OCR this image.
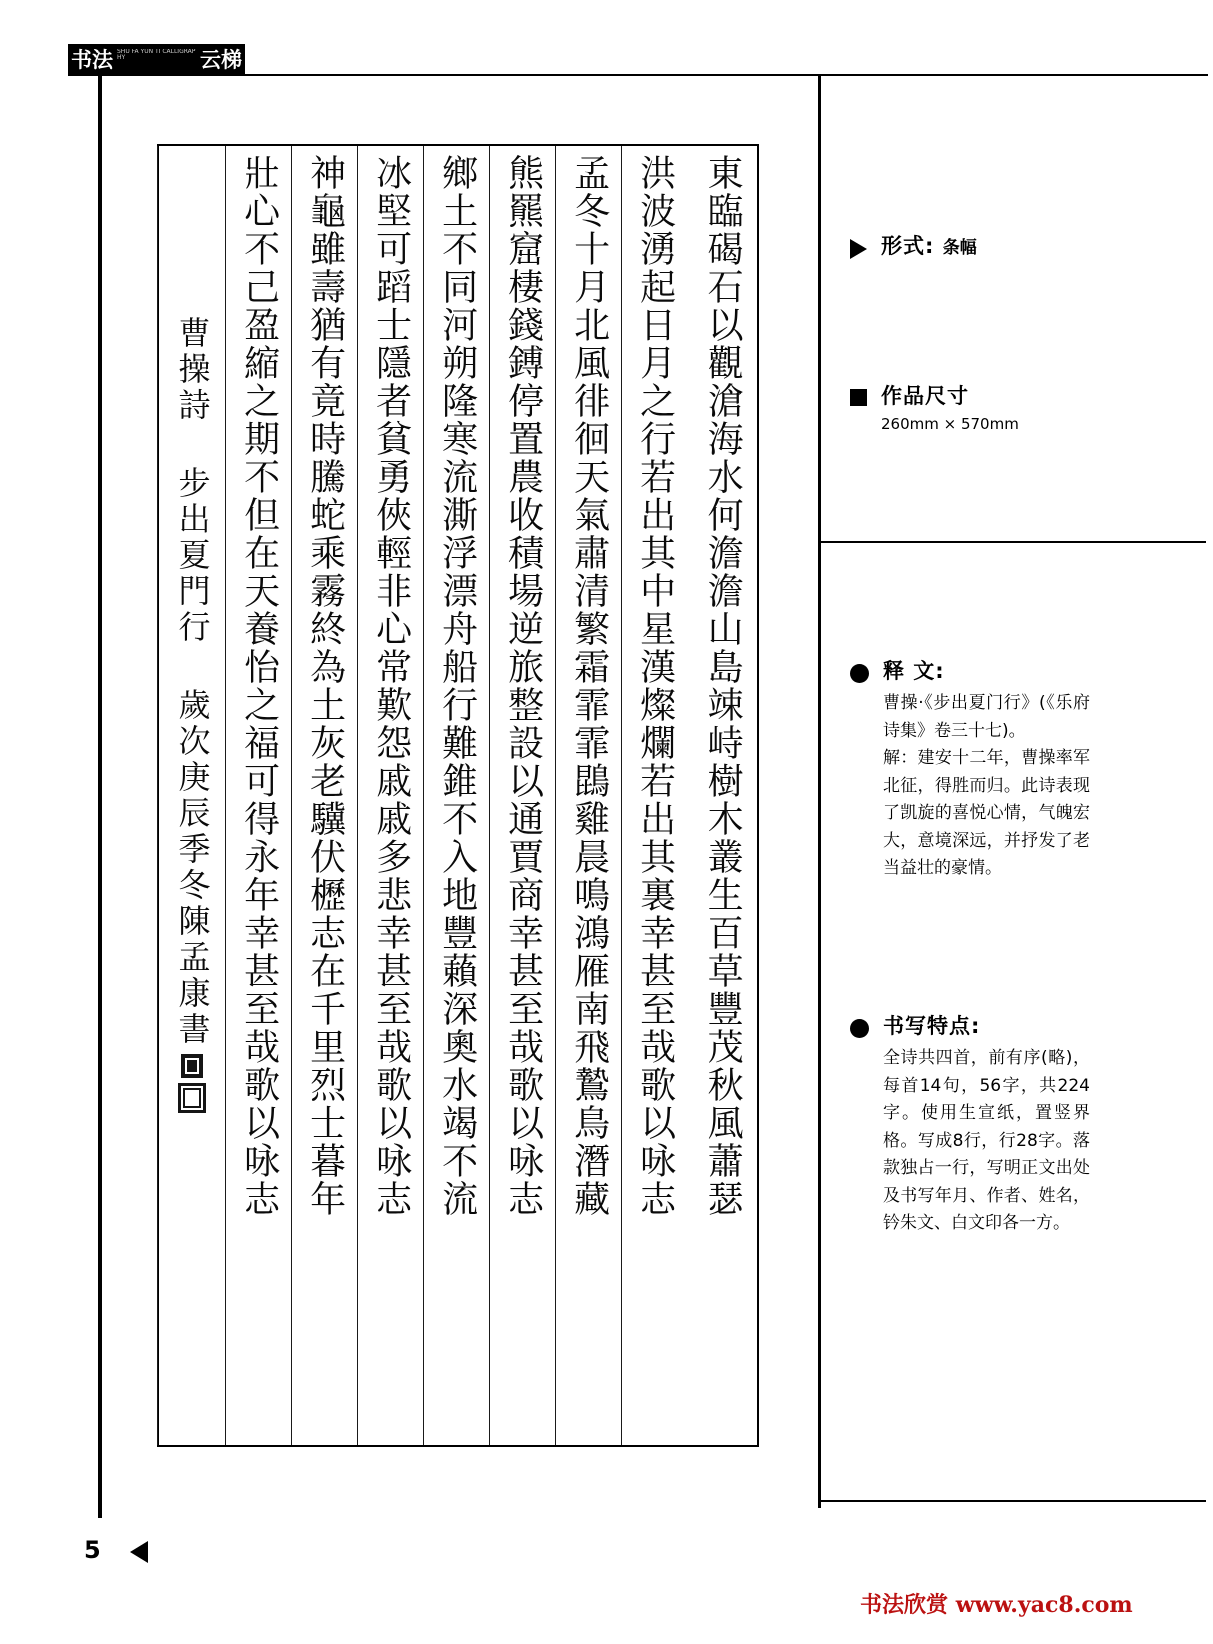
书法 SHU FA YUN TI CALLIGRAPHY	云梯
東臨碣石以觀滄海水何澹澹山島竦峙樹木叢生百草豐茂秋風蕭瑟
洪波湧起日月之行若出其中星漢燦爛若出其裏幸甚至哉歌以咏志
孟冬十月北風徘徊天氣肅清繁霜霏霏鵾雞晨鳴鴻雁南飛鷙鳥潛藏
熊羆窟棲錢鎛停置農收積場逆旅整設以通賈商幸甚至哉歌以咏志
鄉土不同河朔隆寒流澌浮漂舟船行難錐不入地豐藾深奧水竭不流
冰堅可蹈士隱者貧勇俠輕非心常歎怨戚戚多悲幸甚至哉歌以咏志
神龜雖壽猶有竟時騰蛇乘霧終為土灰老驥伏櫪志在千里烈士暮年
壯心不己盈縮之期不但在天養怡之福可得永年幸甚至哉歌以咏志
曹操詩 步出夏門行 歲次庚辰季冬陳孟康書
形式: 条幅
作品尺寸
260mm × 570mm
释 文:
曹操·《步出夏门行》(《乐府诗集》卷三十七)。
解：建安十二年，曹操率军北征，得胜而归。此诗表现了凯旋的喜悦心情，气魄宏大，意境深远，并抒发了老当益壮的豪情。
书写特点:
全诗共四首，前有序(略)，每首14句，56字，共224字。使用生宣纸，置竖界格。写成8行，行28字。落款独占一行，写明正文出处及书写年月、作者、姓名，钤朱文、白文印各一方。
5
书法欣赏 www.yac8.com
